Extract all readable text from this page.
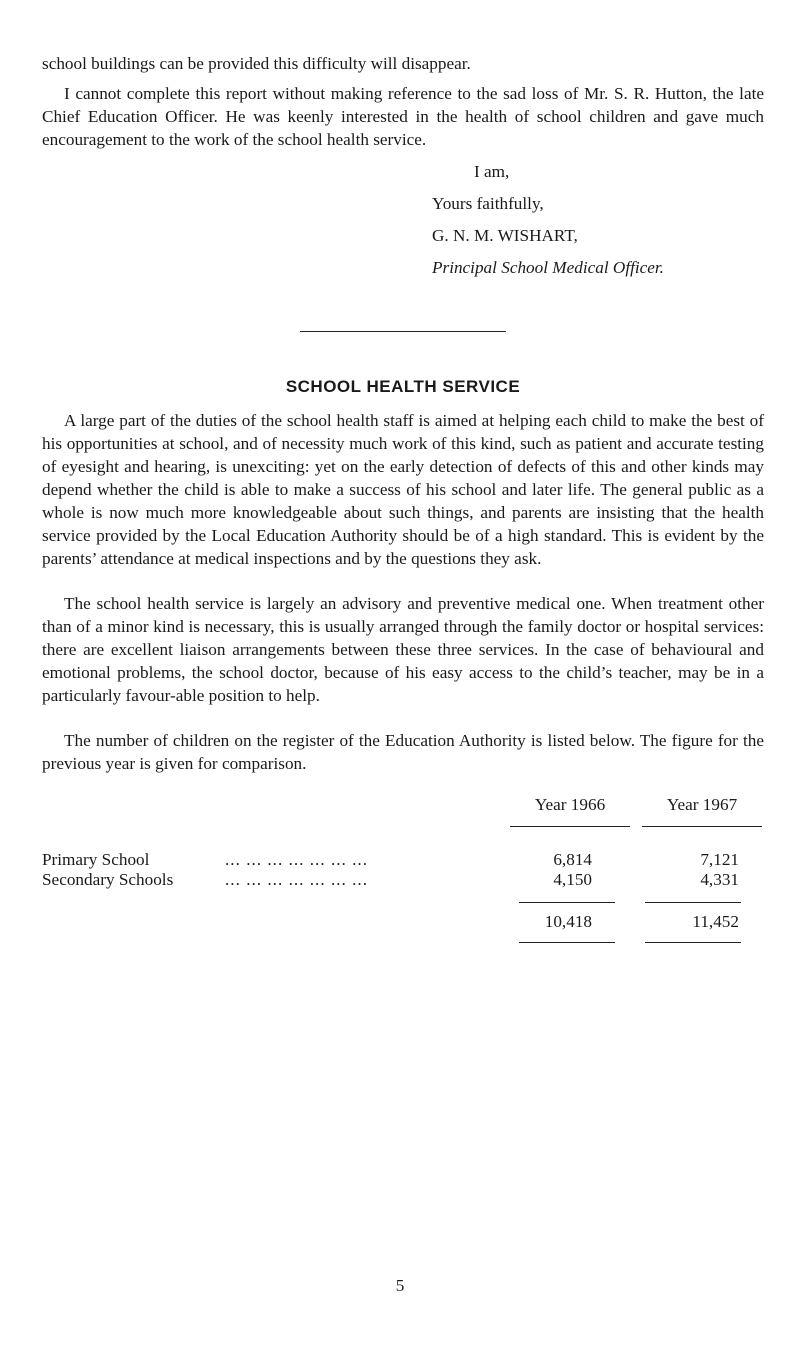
school buildings can be provided this difficulty will disappear.

I cannot complete this report without making reference to the sad loss of Mr. S. R. Hutton, the late Chief Education Officer. He was keenly interested in the health of school children and gave much encouragement to the work of the school health service.

I am,
Yours faithfully,
G. N. M. WISHART,
Principal School Medical Officer.
SCHOOL HEALTH SERVICE

A large part of the duties of the school health staff is aimed at helping each child to make the best of his opportunities at school, and of necessity much work of this kind, such as patient and accurate testing of eyesight and hearing, is unexciting: yet on the early detection of defects of this and other kinds may depend whether the child is able to make a success of his school and later life. The general public as a whole is now much more knowledgeable about such things, and parents are insisting that the health service provided by the Local Education Authority should be of a high standard. This is evident by the parents’ attendance at medical inspections and by the questions they ask.

The school health service is largely an advisory and preventive medical one. When treatment other than of a minor kind is necessary, this is usually arranged through the family doctor or hospital services: there are excellent liaison arrangements between these three services. In the case of behavioural and emotional problems, the school doctor, because of his easy access to the child’s teacher, may be in a particularly favour-able position to help.

The number of children on the register of the Education Authority is listed below. The figure for the previous year is given for comparison.

Year 1966	Year 1967
Primary School	... ... ... ... ... ... ...	6,814	7,121
Secondary Schools	... ... ... ... ... ... ...	4,150	4,331
10,418	11,452
5
